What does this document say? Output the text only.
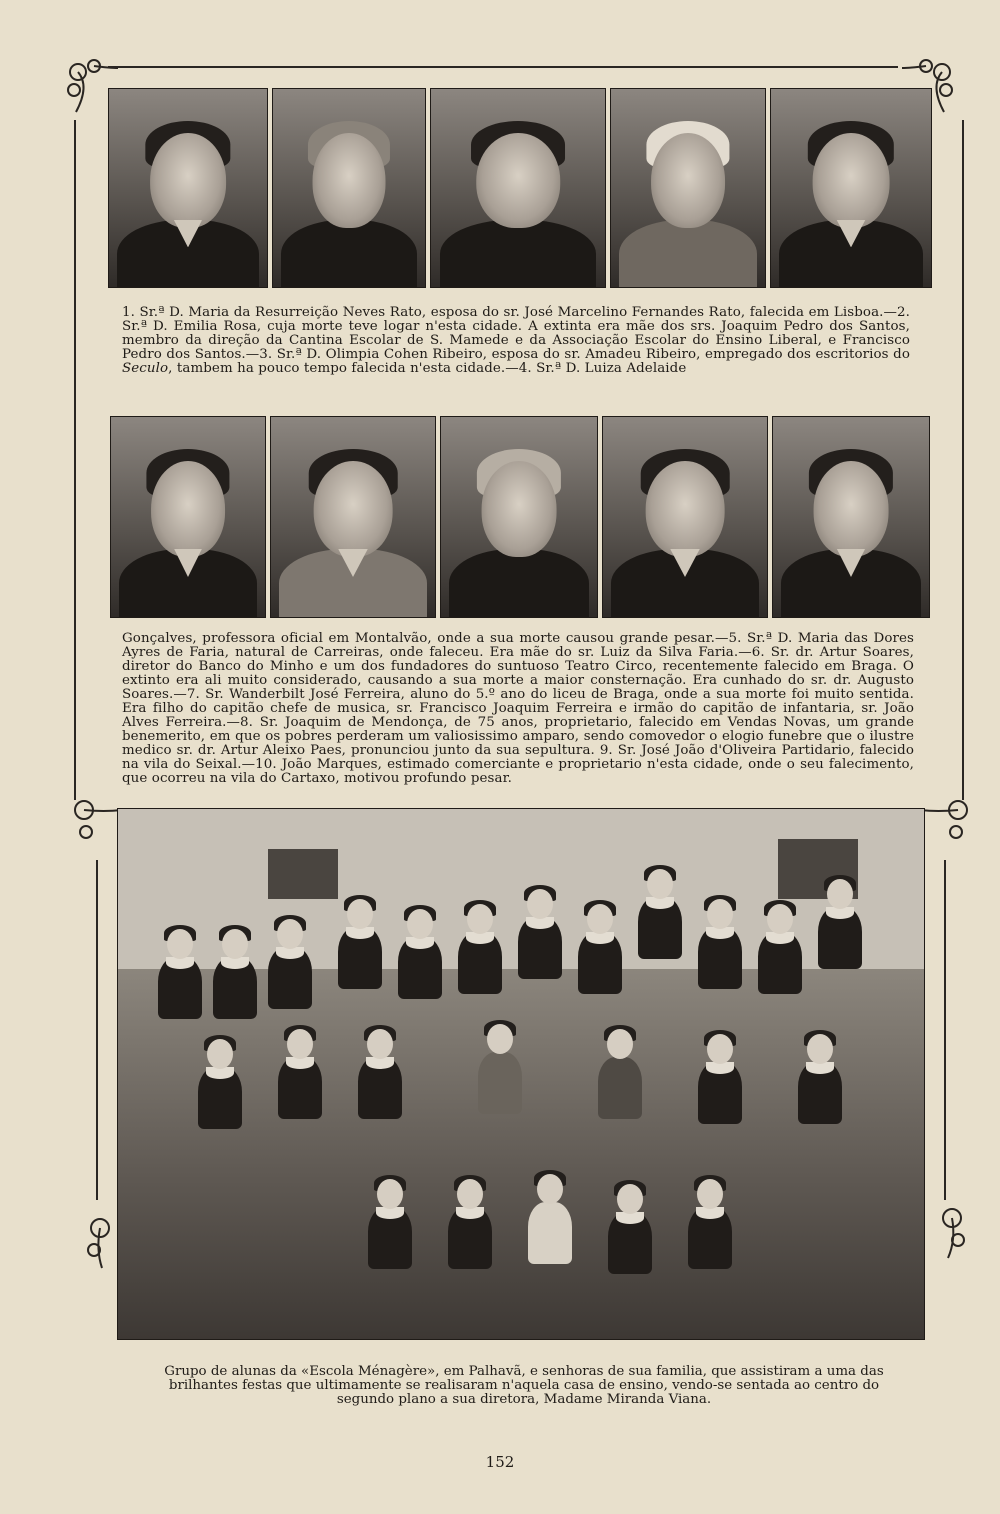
1. Sr.ª D. Maria da Resurreição Neves Rato, esposa do sr. José Marcelino Fernandes Rato, falecida em Lisboa.—2. Sr.ª D. Emilia Rosa, cuja morte teve logar n'esta cidade. A extinta era mãe dos srs. Joaquim Pedro dos Santos, membro da direção da Cantina Escolar de S. Mamede e da Associação Escolar do Ensino Liberal, e Francisco Pedro dos Santos.—3. Sr.ª D. Olimpia Cohen Ribeiro, esposa do sr. Amadeu Ribeiro, empregado dos escritorios do Seculo, tambem ha pouco tempo falecida n'esta cidade.—4. Sr.ª D. Luiza Adelaide

Gonçalves, professora oficial em Montalvão, onde a sua morte causou grande pesar.—5. Sr.ª D. Maria das Dores Ayres de Faria, natural de Carreiras, onde faleceu. Era mãe do sr. Luiz da Silva Faria.—6. Sr. dr. Artur Soares, diretor do Banco do Minho e um dos fundadores do suntuoso Teatro Circo, recentemente falecido em Braga. O extinto era ali muito considerado, causando a sua morte a maior consternação. Era cunhado do sr. dr. Augusto Soares.—7. Sr. Wanderbilt José Ferreira, aluno do 5.º ano do liceu de Braga, onde a sua morte foi muito sentida. Era filho do capitão chefe de musica, sr. Francisco Joaquim Ferreira e irmão do capitão de infantaria, sr. João Alves Ferreira.—8. Sr. Joaquim de Mendonça, de 75 anos, proprietario, falecido em Vendas Novas, um grande benemerito, em que os pobres perderam um valiosissimo amparo, sendo comovedor o elogio funebre que o ilustre medico sr. dr. Artur Aleixo Paes, pronunciou junto da sua sepultura. 9. Sr. José João d'Oliveira Partidario, falecido na vila do Seixal.—10. João Marques, estimado comerciante e proprietario n'esta cidade, onde o seu falecimento, que ocorreu na vila do Cartaxo, motivou profundo pesar.

Grupo de alunas da «Escola Ménagère», em Palhavã, e senhoras de sua familia, que assistiram a uma das brilhantes festas que ultimamente se realisaram n'aquela casa de ensino, vendo-se sentada ao centro do segundo plano a sua diretora, Madame Miranda Viana.
152
